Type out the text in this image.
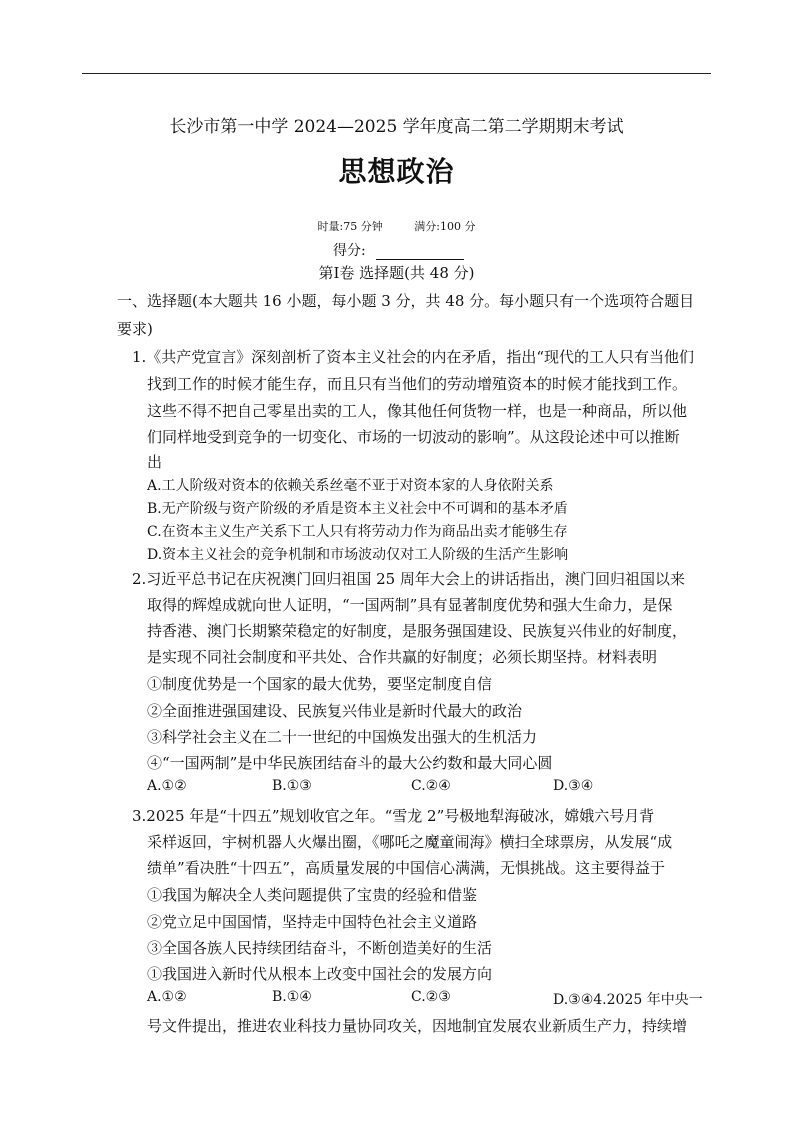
长沙市第一中学 2024—2025 学年度高二第二学期期末考试
思想政治
时量:75 分钟	满分:100 分
得分:
第Ⅰ卷 选择题(共 48 分)
一、选择题(本大题共 16 小题，每小题 3 分，共 48 分。每小题只有一个选项符合题目
要求)
1.《共产党宣言》深刻剖析了资本主义社会的内在矛盾，指出“现代的工人只有当他们
找到工作的时候才能生存，而且只有当他们的劳动增殖资本的时候才能找到工作。
这些不得不把自己零星出卖的工人，像其他任何货物一样，也是一种商品，所以他
们同样地受到竞争的一切变化、市场的一切波动的影响”。从这段论述中可以推断
出
A.工人阶级对资本的依赖关系丝毫不亚于对资本家的人身依附关系
B.无产阶级与资产阶级的矛盾是资本主义社会中不可调和的基本矛盾
C.在资本主义生产关系下工人只有将劳动力作为商品出卖才能够生存
D.资本主义社会的竞争机制和市场波动仅对工人阶级的生活产生影响
2.习近平总书记在庆祝澳门回归祖国 25 周年大会上的讲话指出，澳门回归祖国以来
取得的辉煌成就向世人证明，“一国两制”具有显著制度优势和强大生命力，是保
持香港、澳门长期繁荣稳定的好制度，是服务强国建设、民族复兴伟业的好制度，
是实现不同社会制度和平共处、合作共赢的好制度；必须长期坚持。材料表明
①制度优势是一个国家的最大优势，要坚定制度自信
②全面推进强国建设、民族复兴伟业是新时代最大的政治
③科学社会主义在二十一世纪的中国焕发出强大的生机活力
④“一国两制”是中华民族团结奋斗的最大公约数和最大同心圆
A.①②	B.①③	C.②④	D.③④
3.2025 年是“十四五”规划收官之年。“雪龙 2”号极地犁海破冰，嫦娥六号月背
采样返回，宇树机器人火爆出圈，《哪吒之魔童闹海》横扫全球票房，从发展“成
绩单”看决胜“十四五”，高质量发展的中国信心满满，无惧挑战。这主要得益于
①我国为解决全人类问题提供了宝贵的经验和借鉴
②党立足中国国情，坚持走中国特色社会主义道路
③全国各族人民持续团结奋斗，不断创造美好的生活
①我国进入新时代从根本上改变中国社会的发展方向
A.①②	B.①④	C.②③	D.③④4.2025 年中央一
号文件提出，推进农业科技力量协同攻关，因地制宜发展农业新质生产力，持续增
